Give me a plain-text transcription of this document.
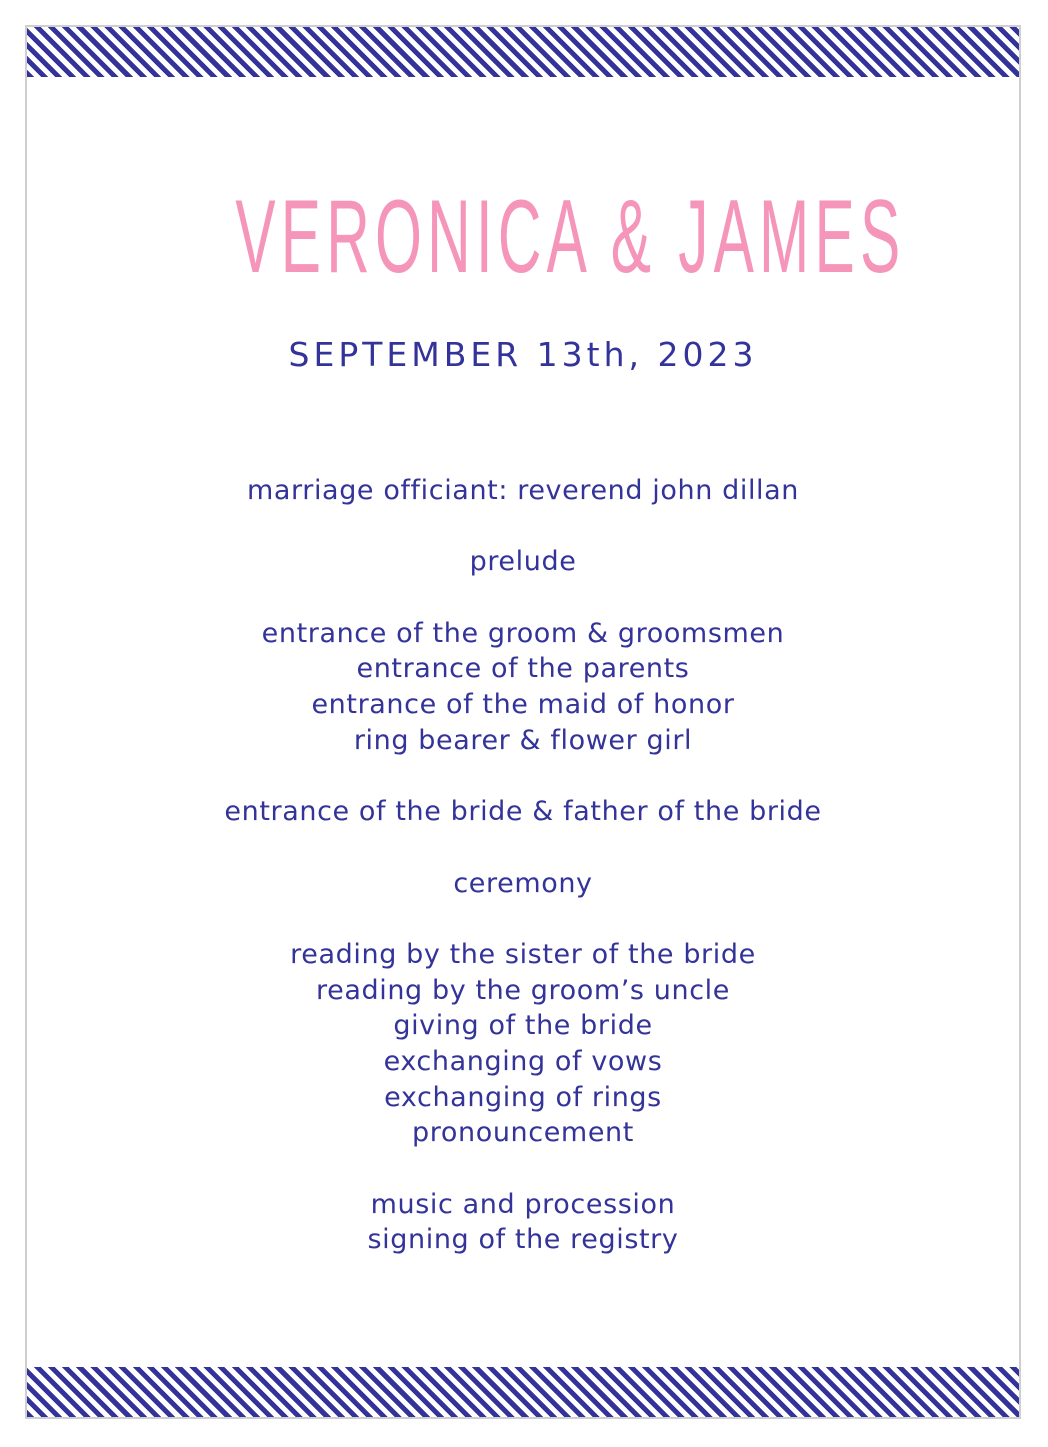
VERONICA & JAMES
SEPTEMBER 13th, 2023
marriage officiant: reverend john dillan
prelude
entrance of the groom & groomsmen
entrance of the parents
entrance of the maid of honor
ring bearer & flower girl
entrance of the bride & father of the bride
ceremony
reading by the sister of the bride
reading by the groom’s uncle
giving of the bride
exchanging of vows
exchanging of rings
pronouncement
music and procession
signing of the registry
